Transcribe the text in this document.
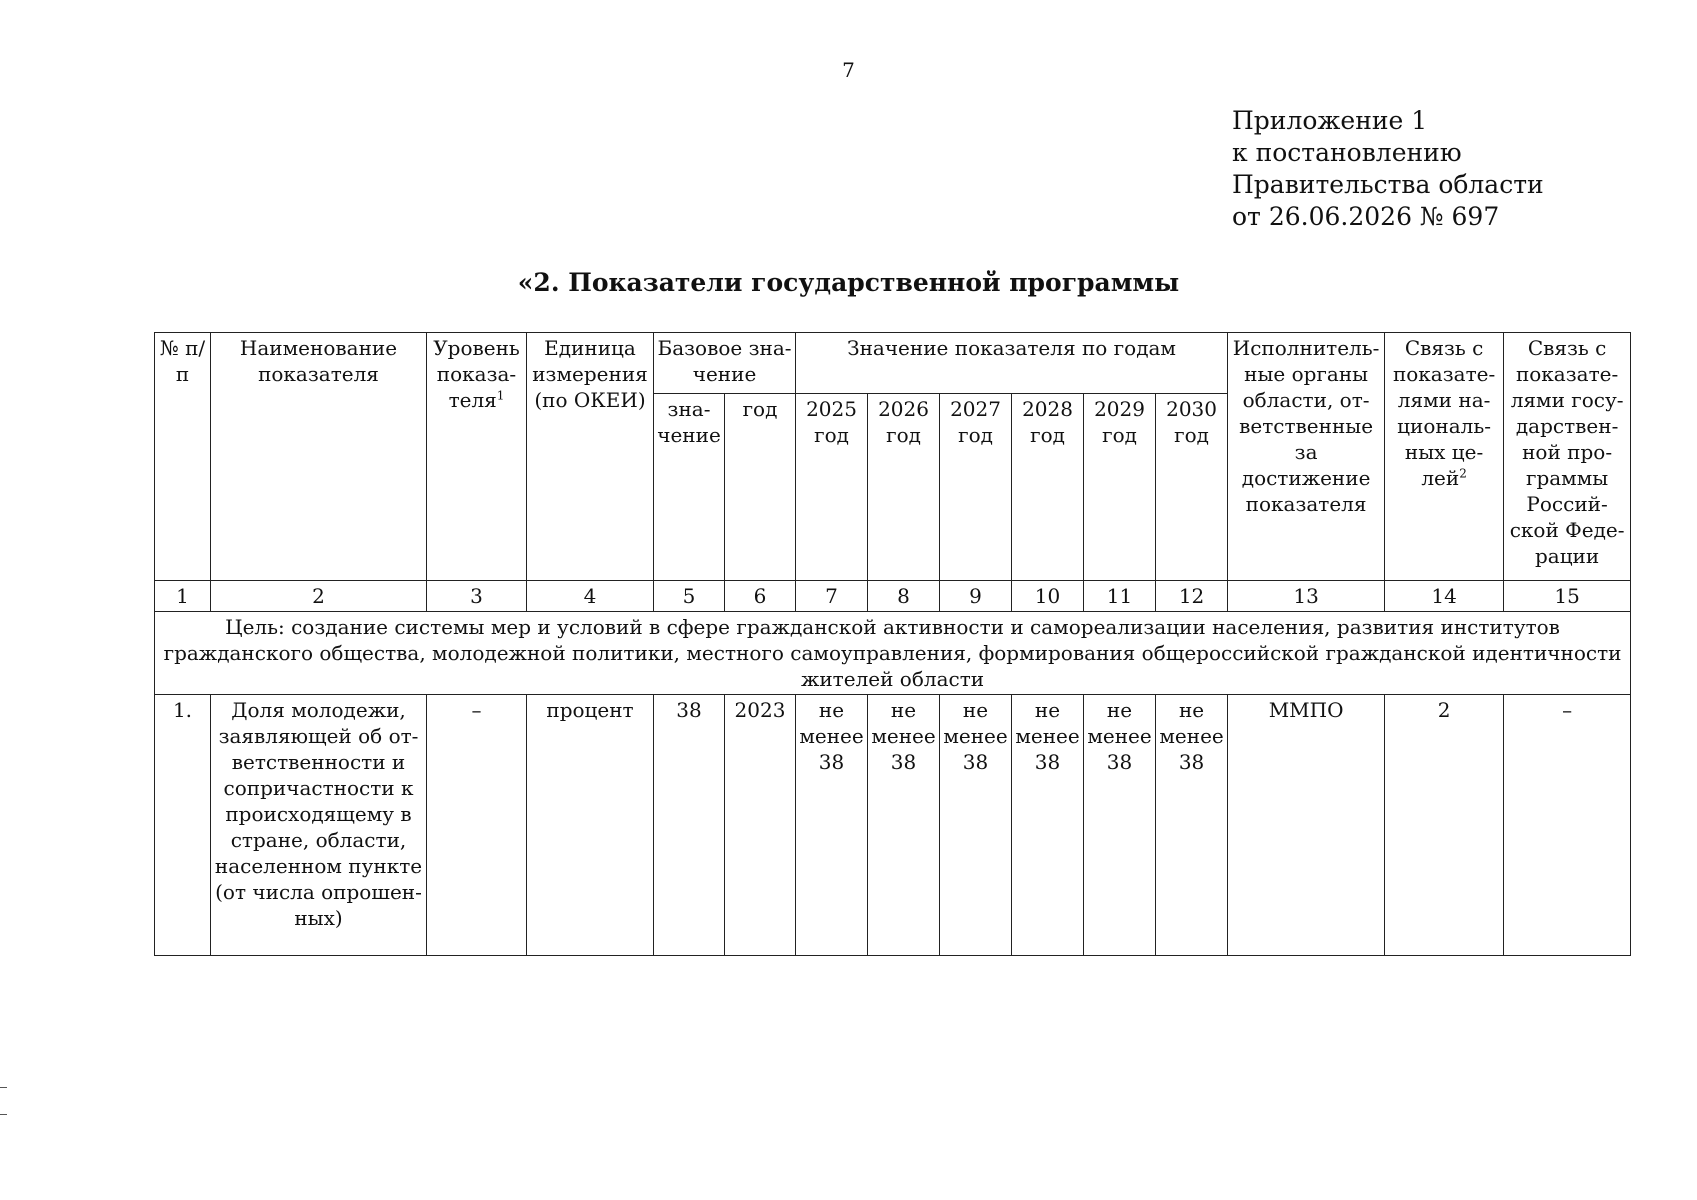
7
Приложение 1
к постановлению
Правительства области
от 26.06.2026 № 697
«2. Показатели государственной программы
№ п/п	Наименование показателя	Уровень показа-теля$^1$	Единица измерения (по ОКЕИ)	Базовое зна-чение		Значение показателя по годам						Исполнитель-ные органы области, от-ветственные за достижение показателя	Связь с показате-лями на-циональ-ных це-лей$^2$	Связь с показате-лями госу-дарствен-ной про-граммы Россий-ской Феде-рации
				зна-чение	год	2025 год	2026 год	2027 год	2028 год	2029 год	2030 год			
1	2	3	4	5	6	7	8	9	10	11	12	13	14	15
Цель: создание системы мер и условий в сфере гражданской активности и самореализации населения, развития институтов гражданского общества, молодежной политики, местного самоуправления, формирования общероссийской гражданской идентичности жителей области														
1.	Доля молодежи, заявляющей об от-ветственности и сопричастности к происходящему в стране, области, населенном пункте (от числа опрошен-ных)	–	процент	38	2023	не менее 38	не менее 38	не менее 38	не менее 38	не менее 38	не менее 38	ММПО	2	–
